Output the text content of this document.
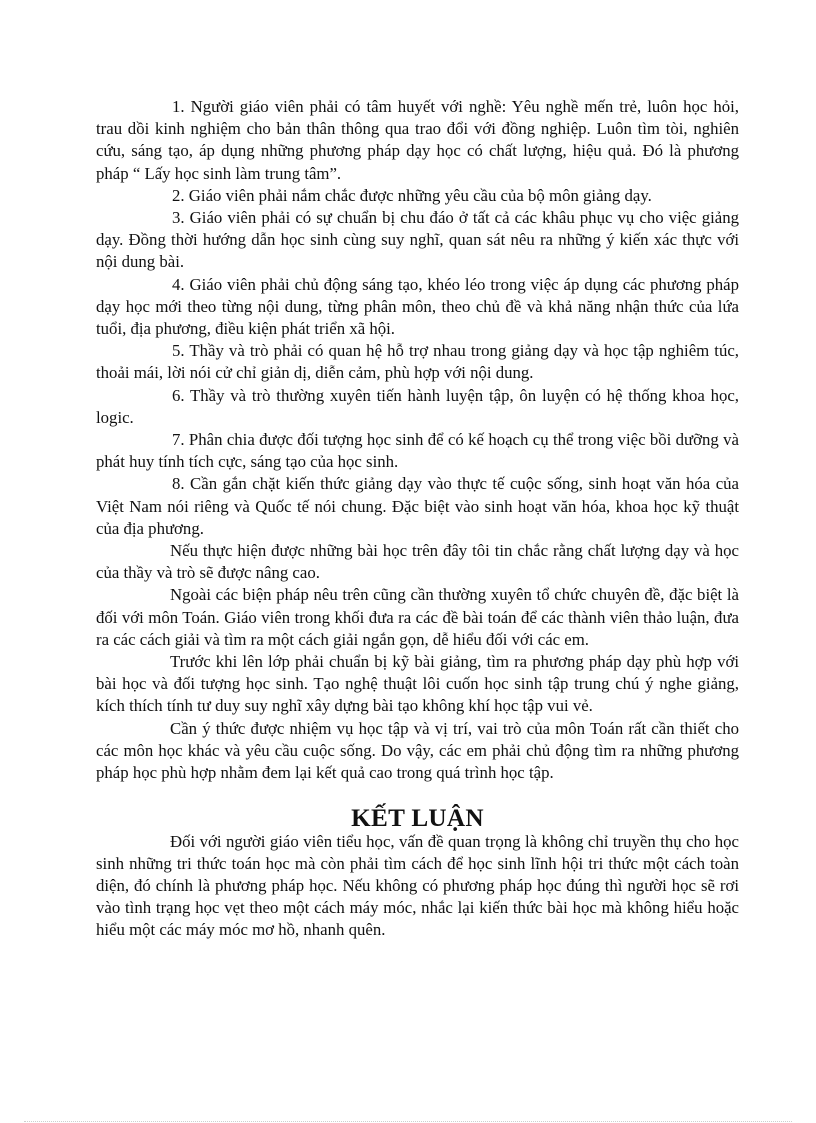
1. Người giáo viên phải có tâm huyết với nghề: Yêu nghề mến trẻ, luôn học hỏi, trau dồi kinh nghiệm cho bản thân thông qua trao đổi với đồng nghiệp. Luôn tìm tòi, nghiên cứu, sáng tạo, áp dụng những phương pháp dạy học có chất lượng, hiệu quả. Đó là phương pháp “ Lấy học sinh làm trung tâm”.

2. Giáo viên phải nắm chắc được những yêu cầu của bộ môn giảng dạy.

3. Giáo viên phải có sự chuẩn bị chu đáo ở tất cả các khâu phục vụ cho việc giảng dạy. Đồng thời hướng dẫn học sinh cùng suy nghĩ, quan sát nêu ra những ý kiến xác thực với nội dung bài.

4. Giáo viên phải chủ động sáng tạo, khéo léo trong việc áp dụng các phương pháp dạy học mới theo từng nội dung, từng phân môn, theo chủ đề và khả năng nhận thức của lứa tuổi, địa phương, điều kiện phát triển xã hội.

5. Thầy và trò phải có quan hệ hỗ trợ nhau trong giảng dạy và học tập nghiêm túc, thoải mái, lời nói cử chỉ giản dị, diễn cảm, phù hợp với nội dung.

6. Thầy và trò thường xuyên tiến hành luyện tập, ôn luyện có hệ thống khoa học, logic.

7. Phân chia được đối tượng học sinh để có kế hoạch cụ thể trong việc bồi dưỡng và phát huy tính tích cực, sáng tạo của học sinh.

8. Cần gắn chặt kiến thức giảng dạy vào thực tế cuộc sống, sinh hoạt văn hóa của Việt Nam nói riêng và Quốc tế nói chung. Đặc biệt vào sinh hoạt văn hóa, khoa học kỹ thuật của địa phương.

Nếu thực hiện được những bài học trên đây tôi tin chắc rằng chất lượng dạy và học của thầy và trò sẽ được nâng cao.

Ngoài các biện pháp nêu trên cũng cần thường xuyên tổ chức chuyên đề, đặc biệt là đối với môn Toán. Giáo viên trong khối đưa ra các đề bài toán để các thành viên thảo luận, đưa ra các cách giải và tìm ra một cách giải ngắn gọn, dễ hiểu đối với các em.

Trước khi lên lớp phải chuẩn bị kỹ bài giảng, tìm ra phương pháp dạy phù hợp với bài học và đối tượng học sinh. Tạo nghệ thuật lôi cuốn học sinh tập trung chú ý nghe giảng, kích thích tính tư duy suy nghĩ xây dựng bài tạo không khí học tập vui vẻ.

Cần ý thức được nhiệm vụ học tập và vị trí, vai trò của môn Toán rất cần thiết cho các môn học khác và yêu cầu cuộc sống. Do vậy, các em phải chủ động tìm ra những phương pháp học phù hợp nhằm đem lại kết quả cao trong quá trình học tập.

KẾT LUẬN

Đối với người giáo viên tiểu học, vấn đề quan trọng là không chỉ truyền thụ cho học sinh những tri thức toán học mà còn phải tìm cách để học sinh lĩnh hội tri thức một cách toàn diện, đó chính là phương pháp học. Nếu không có phương pháp học đúng thì người học sẽ rơi vào tình trạng học vẹt theo một cách máy móc, nhắc lại kiến thức bài học mà không hiểu hoặc hiểu một các máy móc mơ hồ, nhanh quên.
